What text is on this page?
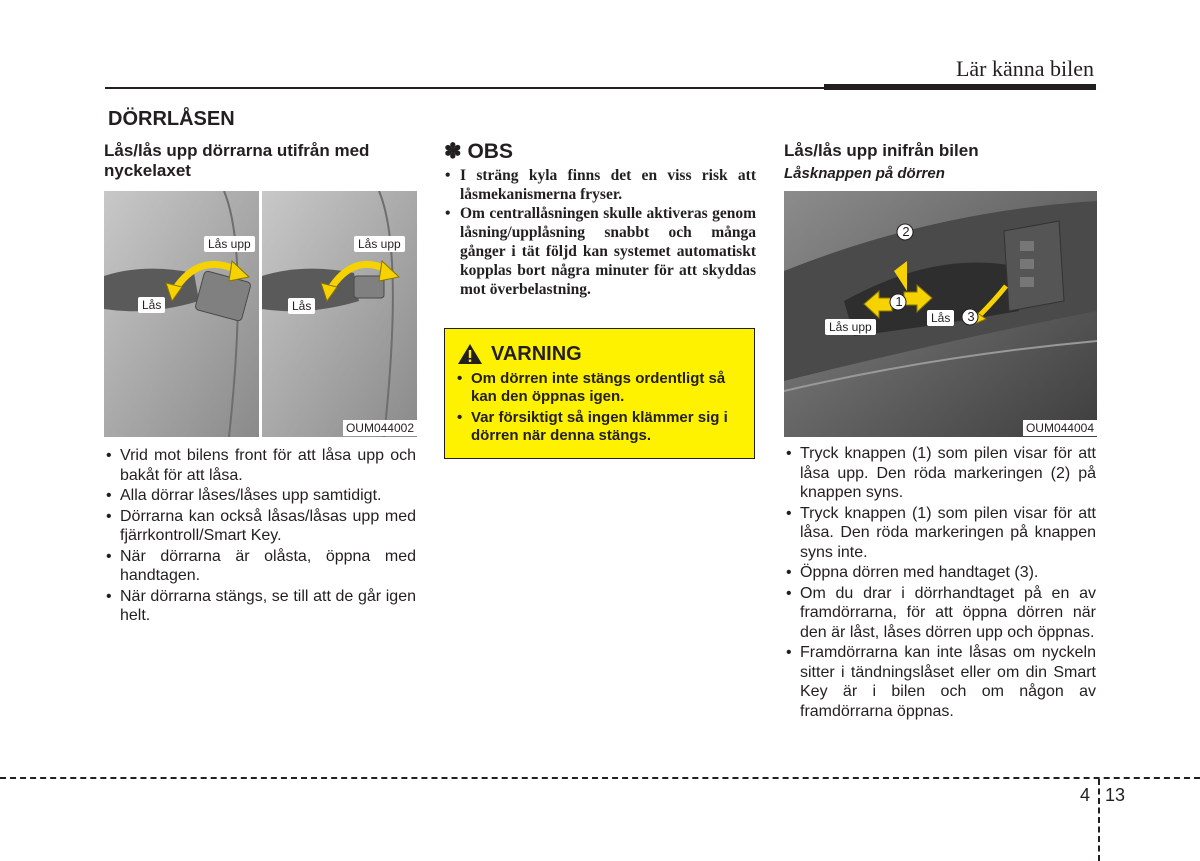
Lär känna bilen
DÖRRLÅSEN
Lås/lås upp dörrarna utifrån med nyckelaxet
Lås upp
Lås
Lås upp
Lås
OUM044002
• Vrid mot bilens front för att låsa upp och bakåt för att låsa.
• Alla dörrar låses/låses upp samtidigt.
• Dörrarna kan också låsas/låsas upp med fjärrkontroll/Smart Key.
• När dörrarna är olåsta, öppna med handtagen.
• När dörrarna stängs, se till att de går igen helt.
✽ OBS
• I sträng kyla finns det en viss risk att låsmekanismerna fryser.
• Om centrallåsningen skulle aktiveras genom låsning/upplåsning snabbt och många gånger i tät följd kan systemet automatiskt kopplas bort några minuter för att skyddas mot överbelastning.
VARNING
• Om dörren inte stängs ordentligt så kan den öppnas igen.
• Var försiktigt så ingen klämmer sig i dörren när denna stängs.
Lås/lås upp inifrån bilen
Låsknappen på dörren
1
2
3
Lås upp
Lås
OUM044004
• Tryck knappen (1) som pilen visar för att låsa upp. Den röda markeringen (2) på knappen syns.
• Tryck knappen (1) som pilen visar för att låsa. Den röda markeringen på knappen syns inte.
• Öppna dörren med handtaget (3).
• Om du drar i dörrhandtaget på en av framdörrarna, för att öppna dörren när den är låst, låses dörren upp och öppnas.
• Framdörrarna kan inte låsas om nyckeln sitter i tändningslåset eller om din Smart Key är i bilen och om någon av framdörrarna öppnas.
4 13
